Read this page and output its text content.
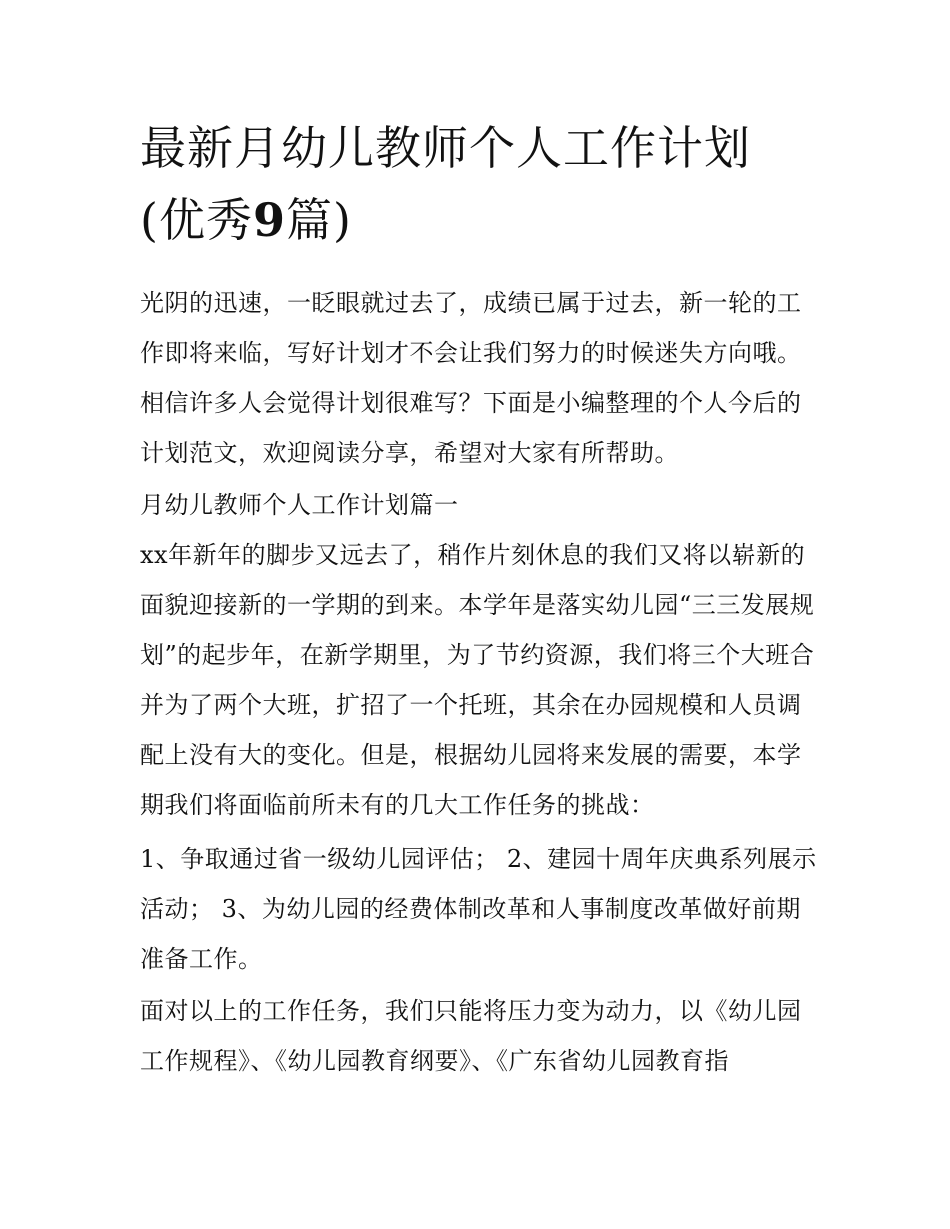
最新月幼儿教师个人工作计划
(优秀9篇)

光阴的迅速，一眨眼就过去了，成绩已属于过去，新一轮的工作即将来临，写好计划才不会让我们努力的时候迷失方向哦。相信许多人会觉得计划很难写？下面是小编整理的个人今后的计划范文，欢迎阅读分享，希望对大家有所帮助。

月幼儿教师个人工作计划篇一

xx年新年的脚步又远去了，稍作片刻休息的我们又将以崭新的面貌迎接新的一学期的到来。本学年是落实幼儿园“三三发展规划”的起步年，在新学期里，为了节约资源，我们将三个大班合并为了两个大班，扩招了一个托班，其余在办园规模和人员调配上没有大的变化。但是，根据幼儿园将来发展的需要，本学期我们将面临前所未有的几大工作任务的挑战：

1、争取通过省一级幼儿园评估； 2、建园十周年庆典系列展示活动； 3、为幼儿园的经费体制改革和人事制度改革做好前期准备工作。

面对以上的工作任务，我们只能将压力变为动力，以《幼儿园工作规程》、《幼儿园教育纲要》、《广东省幼儿园教育指
